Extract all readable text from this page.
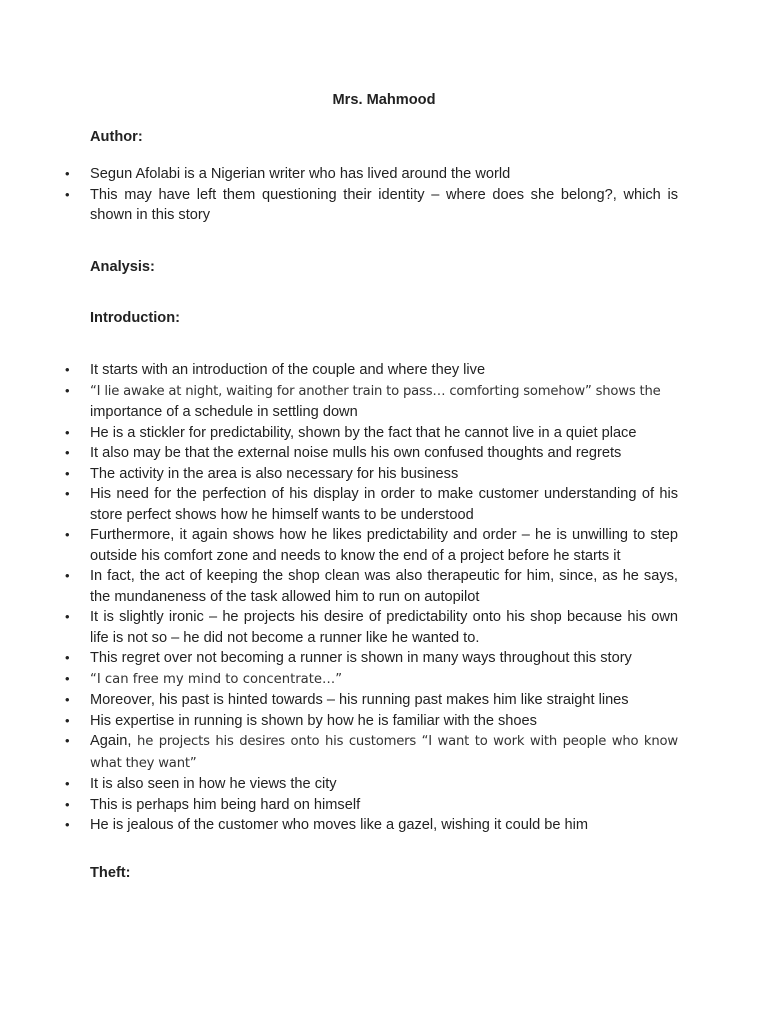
Mrs. Mahmood
Author:
• Segun Afolabi is a Nigerian writer who has lived around the world
• This may have left them questioning their identity – where does she belong?, which is shown in this story
Analysis:
Introduction:
• It starts with an introduction of the couple and where they live
• “I lie awake at night, waiting for another train to pass… comforting somehow” shows the
importance of a schedule in settling down
• He is a stickler for predictability, shown by the fact that he cannot live in a quiet place
• It also may be that the external noise mulls his own confused thoughts and regrets
• The activity in the area is also necessary for his business
• His need for the perfection of his display in order to make customer understanding of his store perfect shows how he himself wants to be understood
• Furthermore, it again shows how he likes predictability and order – he is unwilling to step outside his comfort zone and needs to know the end of a project before he starts it
• In fact, the act of keeping the shop clean was also therapeutic for him, since, as he says, the mundaneness of the task allowed him to run on autopilot
• It is slightly ironic – he projects his desire of predictability onto his shop because his own life is not so – he did not become a runner like he wanted to.
• This regret over not becoming a runner is shown in many ways throughout this story
• “I can free my mind to concentrate…”
• Moreover, his past is hinted towards – his running past makes him like straight lines
• His expertise in running is shown by how he is familiar with the shoes
• Again, he projects his desires onto his customers “I want to work with people who know what they want”
• It is also seen in how he views the city
• This is perhaps him being hard on himself
• He is jealous of the customer who moves like a gazel, wishing it could be him
Theft:
